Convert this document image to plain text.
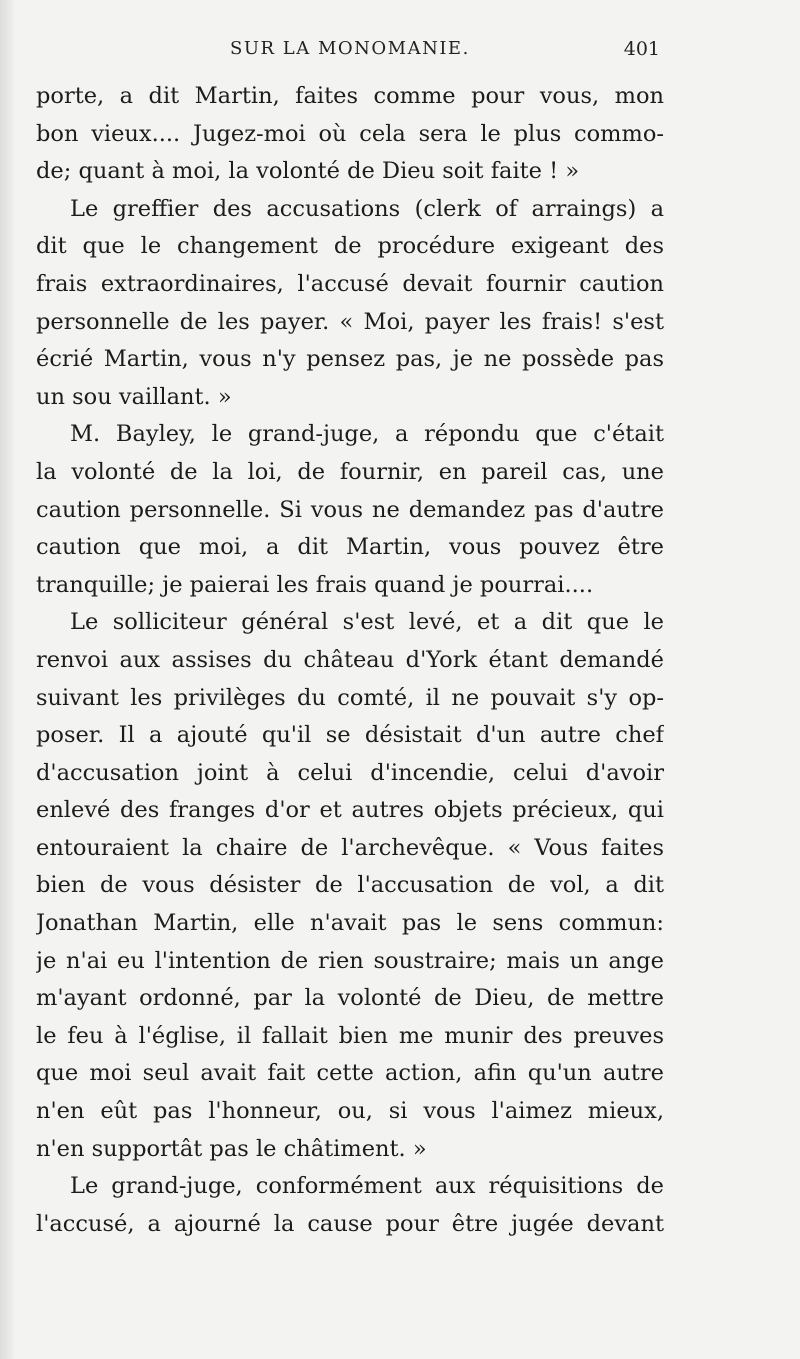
SUR LA MONOMANIE.	401
porte, a dit Martin, faites comme pour vous, mon
bon vieux.... Jugez-moi où cela sera le plus commo-
de; quant à moi, la volonté de Dieu soit faite ! »
Le greffier des accusations (clerk of arraings) a
dit que le changement de procédure exigeant des
frais extraordinaires, l'accusé devait fournir caution
personnelle de les payer. « Moi, payer les frais! s'est
écrié Martin, vous n'y pensez pas, je ne possède pas
un sou vaillant. »
M. Bayley, le grand-juge, a répondu que c'était
la volonté de la loi, de fournir, en pareil cas, une
caution personnelle. Si vous ne demandez pas d'autre
caution que moi, a dit Martin, vous pouvez être
tranquille; je paierai les frais quand je pourrai....
Le solliciteur général s'est levé, et a dit que le
renvoi aux assises du château d'York étant demandé
suivant les privilèges du comté, il ne pouvait s'y op-
poser. Il a ajouté qu'il se désistait d'un autre chef
d'accusation joint à celui d'incendie, celui d'avoir
enlevé des franges d'or et autres objets précieux, qui
entouraient la chaire de l'archevêque. « Vous faites
bien de vous désister de l'accusation de vol, a dit
Jonathan Martin, elle n'avait pas le sens commun:
je n'ai eu l'intention de rien soustraire; mais un ange
m'ayant ordonné, par la volonté de Dieu, de mettre
le feu à l'église, il fallait bien me munir des preuves
que moi seul avait fait cette action, afin qu'un autre
n'en eût pas l'honneur, ou, si vous l'aimez mieux,
n'en supportât pas le châtiment. »
Le grand-juge, conformément aux réquisitions de
l'accusé, a ajourné la cause pour être jugée devant
